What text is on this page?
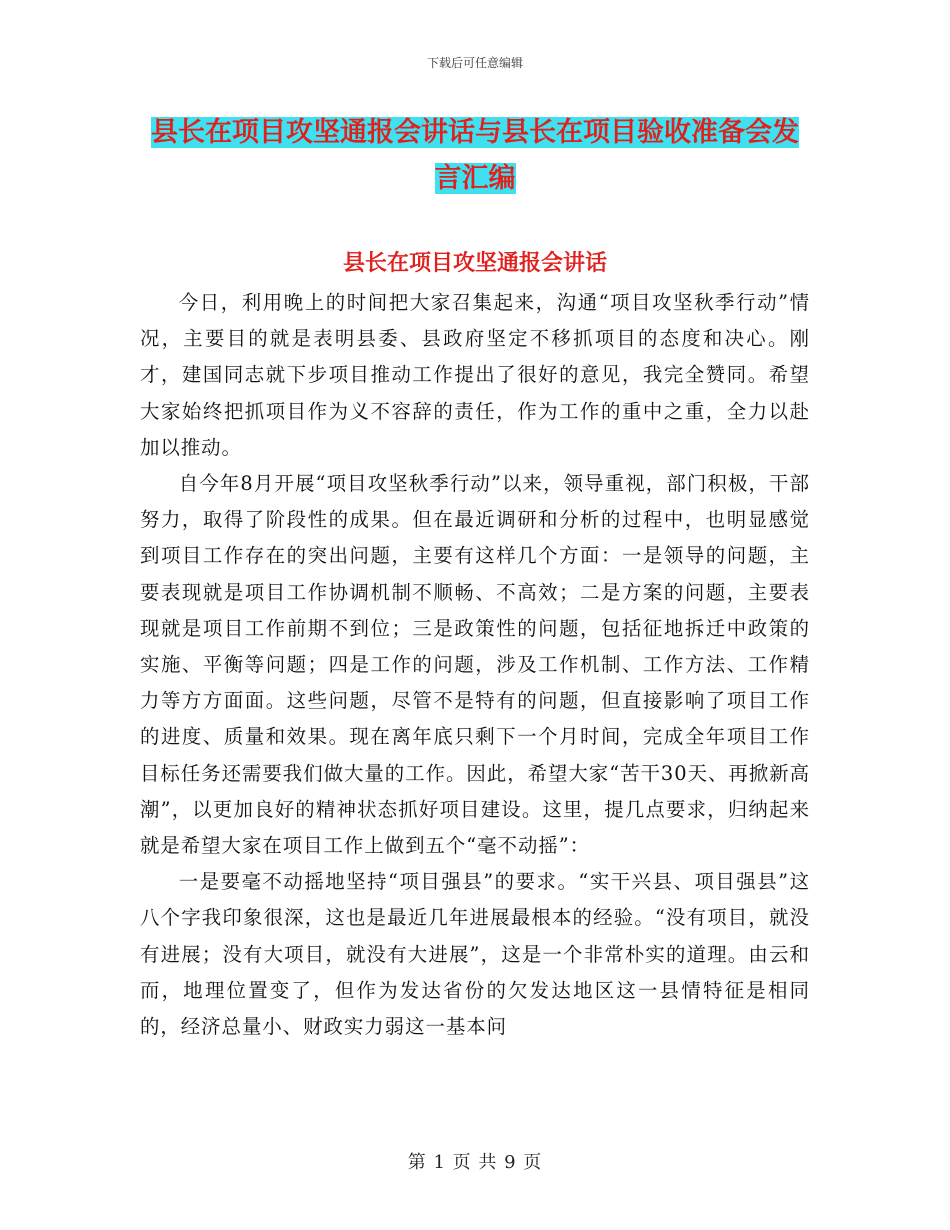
下载后可任意编辑
县长在项目攻坚通报会讲话与县长在项目验收准备会发言汇编
县长在项目攻坚通报会讲话

今日，利用晚上的时间把大家召集起来，沟通“项目攻坚秋季行动”情况，主要目的就是表明县委、县政府坚定不移抓项目的态度和决心。刚才，建国同志就下步项目推动工作提出了很好的意见，我完全赞同。希望大家始终把抓项目作为义不容辞的责任，作为工作的重中之重，全力以赴加以推动。

自今年8月开展“项目攻坚秋季行动”以来，领导重视，部门积极，干部努力，取得了阶段性的成果。但在最近调研和分析的过程中，也明显感觉到项目工作存在的突出问题，主要有这样几个方面：一是领导的问题，主要表现就是项目工作协调机制不顺畅、不高效；二是方案的问题，主要表现就是项目工作前期不到位；三是政策性的问题，包括征地拆迁中政策的实施、平衡等问题；四是工作的问题，涉及工作机制、工作方法、工作精力等方方面面。这些问题，尽管不是特有的问题，但直接影响了项目工作的进度、质量和效果。现在离年底只剩下一个月时间，完成全年项目工作目标任务还需要我们做大量的工作。因此，希望大家“苦干30天、再掀新高潮”，以更加良好的精神状态抓好项目建设。这里，提几点要求，归纳起来就是希望大家在项目工作上做到五个“毫不动摇”：

一是要毫不动摇地坚持“项目强县”的要求。“实干兴县、项目强县”这八个字我印象很深，这也是最近几年进展最根本的经验。“没有项目，就没有进展；没有大项目，就没有大进展”，这是一个非常朴实的道理。由云和而，地理位置变了，但作为发达省份的欠发达地区这一县情特征是相同的，经济总量小、财政实力弱这一基本问

第 1 页 共 9 页
